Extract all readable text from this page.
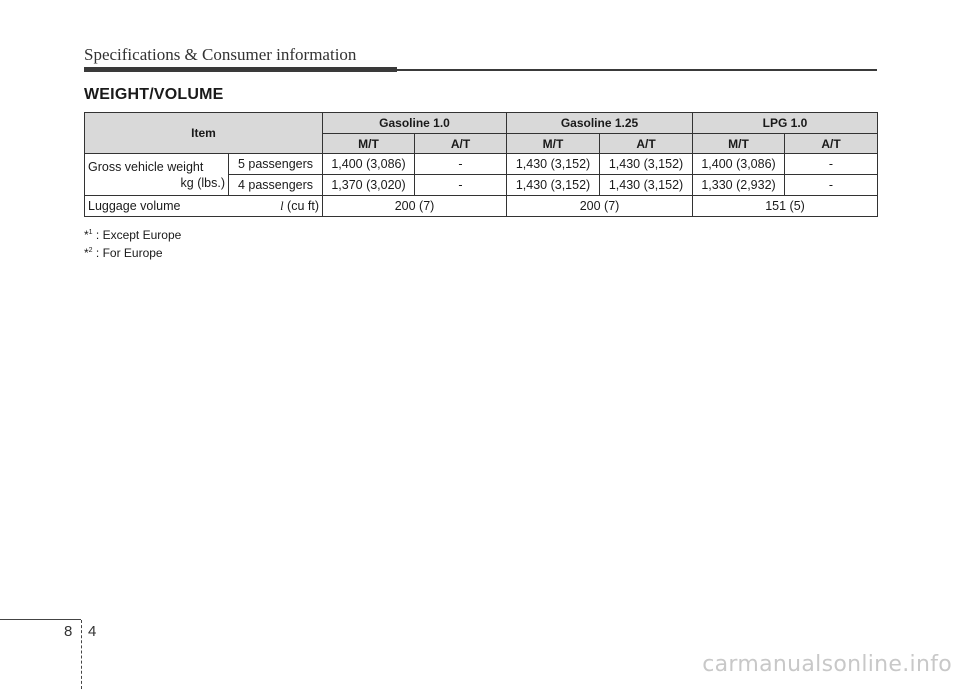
Specifications & Consumer information
WEIGHT/VOLUME
Item		Gasoline 1.0		Gasoline 1.25		LPG 1.0	
		M/T	A/T	M/T	A/T	M/T	A/T
Gross vehicle weight
kg (lbs.)	5 passengers	1,400 (3,086)	-	1,430 (3,152)	1,430 (3,152)	1,400 (3,086)	-
	4 passengers	1,370 (3,020)	-	1,430 (3,152)	1,430 (3,152)	1,330 (2,932)	-
Luggage volume l (cu ft)		200 (7)		200 (7)		151 (5)	
*$^1$ : Except Europe
*$^2$ : For Europe
8 4
carmanualsonline.info
